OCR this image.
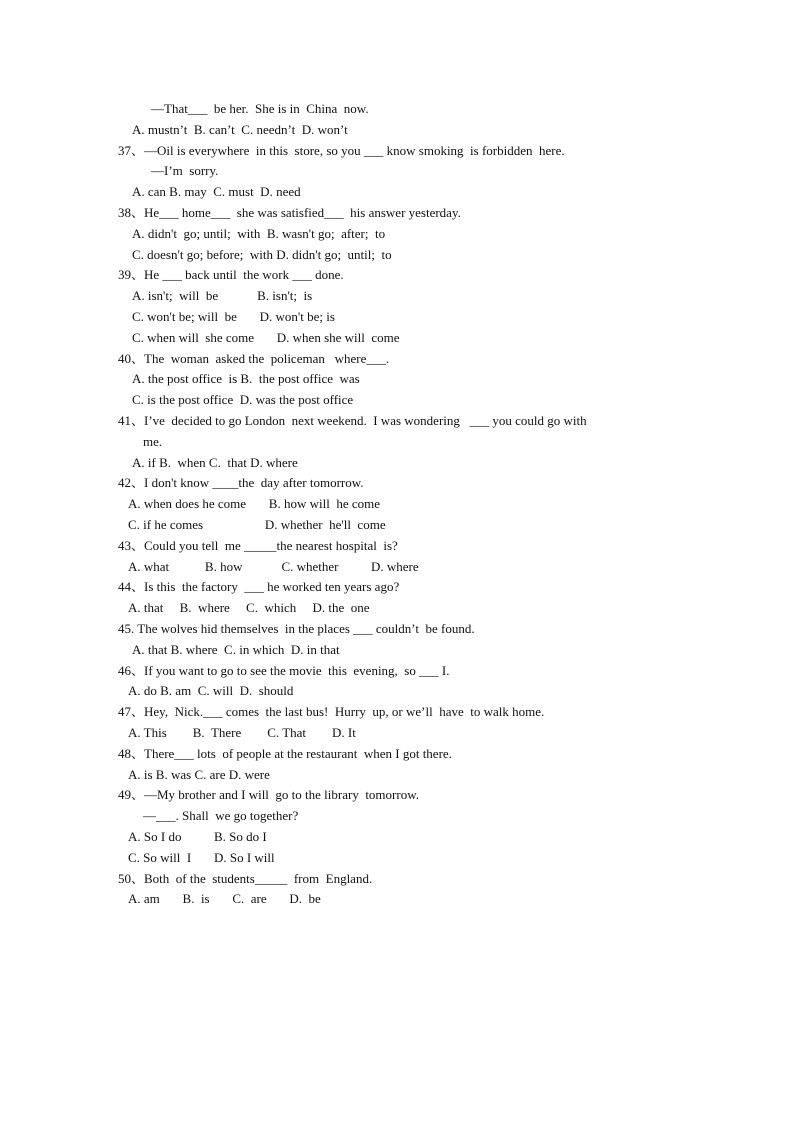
—That___  be her.  She is in  China  now.
A. mustn’t  B. can’t  C. needn’t  D. won’t
37、—Oil is everywhere  in this  store, so you ___ know smoking  is forbidden  here.
—I’m  sorry.
A. can B. may  C. must  D. need
38、He___ home___  she was satisfied___  his answer yesterday.
A. didn't  go; until;  with  B. wasn't go;  after;  to
C. doesn't go; before;  with D. didn't go;  until;  to
39、He ___ back until  the work ___ done.
A. isn't;  will  be            B. isn't;  is
C. won't be; will  be       D. won't be; is
C. when will  she come       D. when she will  come
40、The  woman  asked the  policeman   where___.
A. the post office  is B.  the post office  was
C. is the post office  D. was the post office
41、I’ve  decided to go London  next weekend.  I was wondering   ___ you could go with
me.
A. if B.  when C.  that D. where
42、I don't know ____the  day after tomorrow.
A. when does he come       B. how will  he come
C. if he comes                   D. whether  he'll  come
43、Could you tell  me _____the nearest hospital  is?
A. what           B. how            C. whether          D. where
44、Is this  the factory  ___ he worked ten years ago?
A. that     B.  where     C.  which     D. the  one
45. The wolves hid themselves  in the places ___ couldn’t  be found.
A. that B. where  C. in which  D. in that
46、If you want to go to see the movie  this  evening,  so ___ I.
A. do B. am  C. will  D.  should
47、Hey,  Nick.___ comes  the last bus!  Hurry  up, or we’ll  have  to walk home.
A. This        B.  There        C. That        D. It
48、There___ lots  of people at the restaurant  when I got there.
A. is B. was C. are D. were
49、—My brother and I will  go to the library  tomorrow.
—___. Shall  we go together?
A. So I do          B. So do I
C. So will  I       D. So I will
50、Both  of the  students_____  from  England.
A. am       B.  is       C.  are       D.  be
